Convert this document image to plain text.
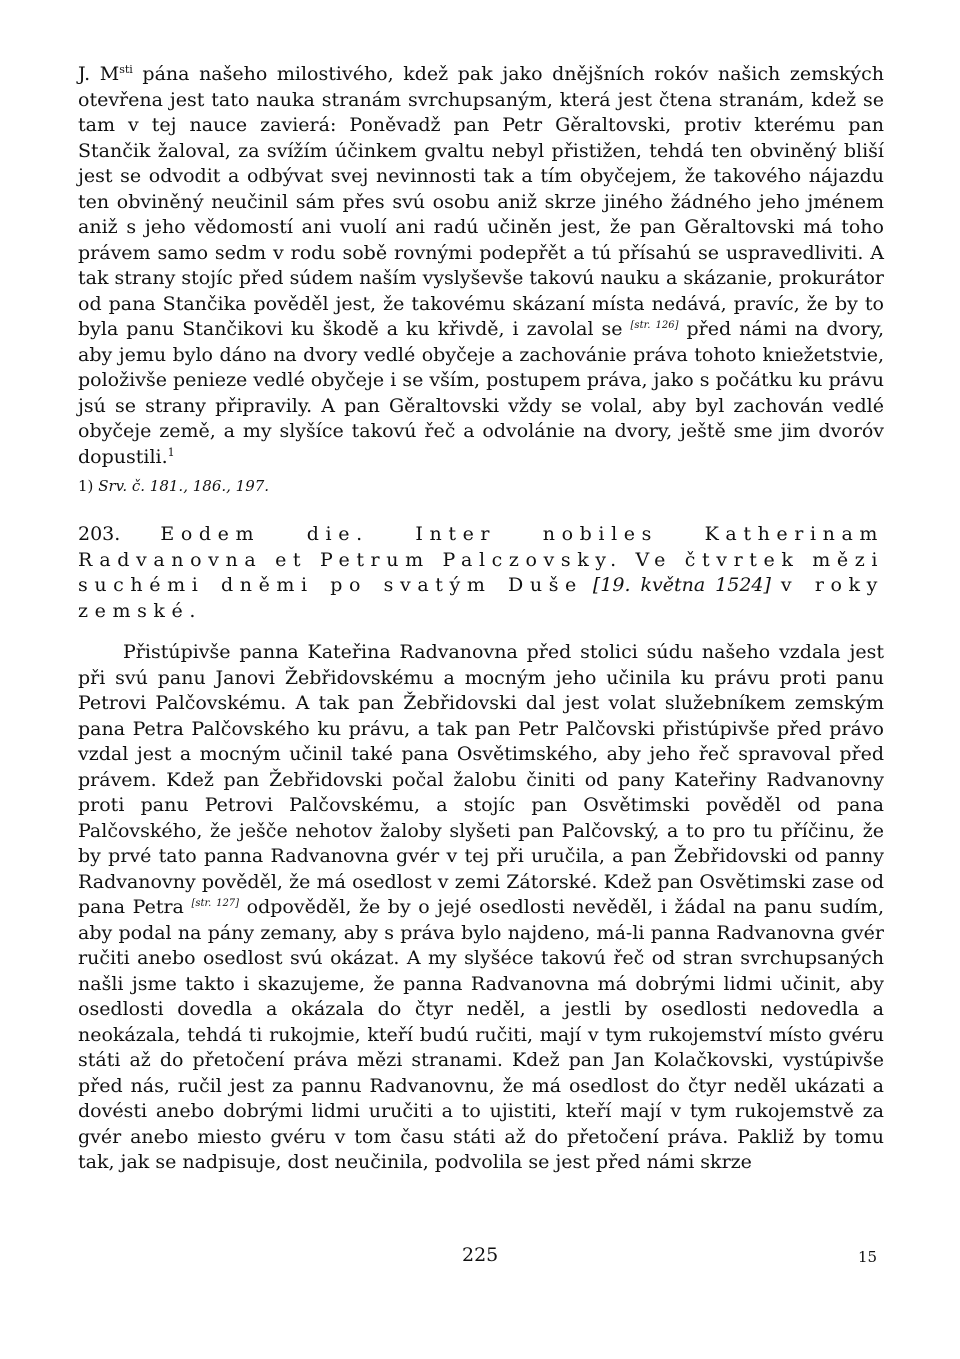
J. $M^{sti}$ pána našeho milostivého, kdež pak jako dnějšních rokóv našich zemských otevřena jest tato nauka stranám svrchupsaným, která jest čtena stranám, kdež se tam v tej nauce zavierá: Poněvadž pan Petr Gěraltovski, protiv kterému pan Stančik žaloval, za svížím účinkem gvaltu nebyl přistižen, tehdá ten obviněný bliší jest se odvodit a odbývat svej nevinnosti tak a tím obyčejem, že takového nájazdu ten obviněný neučinil sám přes svú osobu aniž skrze jiného žádného jeho jménem aniž s jeho vědomostí ani vuolí ani radú učiněn jest, že pan Gěraltovski má toho právem samo sedm v rodu sobě rovnými podepřět a tú přísahú se uspravedliviti. A tak strany stojíc před súdem naším vyslyševše takovú nauku a skázanie, prokurátor od pana Stančika pověděl jest, že takovému skázaní místa nedává, pravíc, že by to byla panu Stančikovi ku škodě a ku křivdě, i zavolal se [str. 126] před námi na dvory, aby jemu bylo dáno na dvory vedlé obyčeje a zachovánie práva tohoto kniežetstvie, položivše penieze vedlé obyčeje i se vším, postupem práva, jako s počátku ku právu jsú se strany připravily. A pan Gěraltovski vždy se volal, aby byl zachován vedlé obyčeje země, a my slyšíce takovú řeč a odvolánie na dvory, ještě sme jim dvoróv dopustili.$^1$

1) Srv. č. 181., 186., 197.

203. Eodem die. Inter nobiles Katherinam Radvanovna et Petrum Palczovsky. Ve čtvrtek mězi suchémi dněmi po svatým Duše [19. května 1524] v roky zemské.

Přistúpivše panna Kateřina Radvanovna před stolici súdu našeho vzdala jest při svú panu Janovi Žebřidovskému a mocným jeho učinila ku právu proti panu Petrovi Palčovskému. A tak pan Žebřidovski dal jest volat služebníkem zemským pana Petra Palčovského ku právu, a tak pan Petr Palčovski přistúpivše před právo vzdal jest a mocným učinil také pana Osvětimského, aby jeho řeč spravoval před právem. Kdež pan Žebřidovski počal žalobu činiti od pany Kateřiny Radvanovny proti panu Petrovi Palčovskému, a stojíc pan Osvětimski pověděl od pana Palčovského, že ješče nehotov žaloby slyšeti pan Palčovský, a to pro tu příčinu, že by prvé tato panna Radvanovna gvér v tej při uručila, a pan Žebřidovski od panny Radvanovny pověděl, že má osedlost v zemi Zátorské. Kdež pan Osvětimski zase od pana Petra [str. 127] odpověděl, že by o jejé osedlosti nevěděl, i žádal na panu sudím, aby podal na pány zemany, aby s práva bylo najdeno, má-li panna Radvanovna gvér ručiti anebo osedlost svú okázat. A my slyšéce takovú řeč od stran svrchupsaných našli jsme takto i skazujeme, že panna Radvanovna má dobrými lidmi učinit, aby osedlosti dovedla a okázala do čtyr neděl, a jestli by osedlosti nedovedla a neokázala, tehdá ti rukojmie, kteří budú ručiti, mají v tym rukojemství místo gvéru státi až do přetočení práva mězi stranami. Kdež pan Jan Kolačkovski, vystúpivše před nás, ručil jest za pannu Radvanovnu, že má osedlost do čtyr neděl ukázati a dovésti anebo dobrými lidmi uručiti a to ujistiti, kteří mají v tym rukojemstvě za gvér anebo miesto gvéru v tom času státi až do přetočení práva. Pakliž by tomu tak, jak se nadpisuje, dost neučinila, podvolila se jest před námi skrze

225	15
